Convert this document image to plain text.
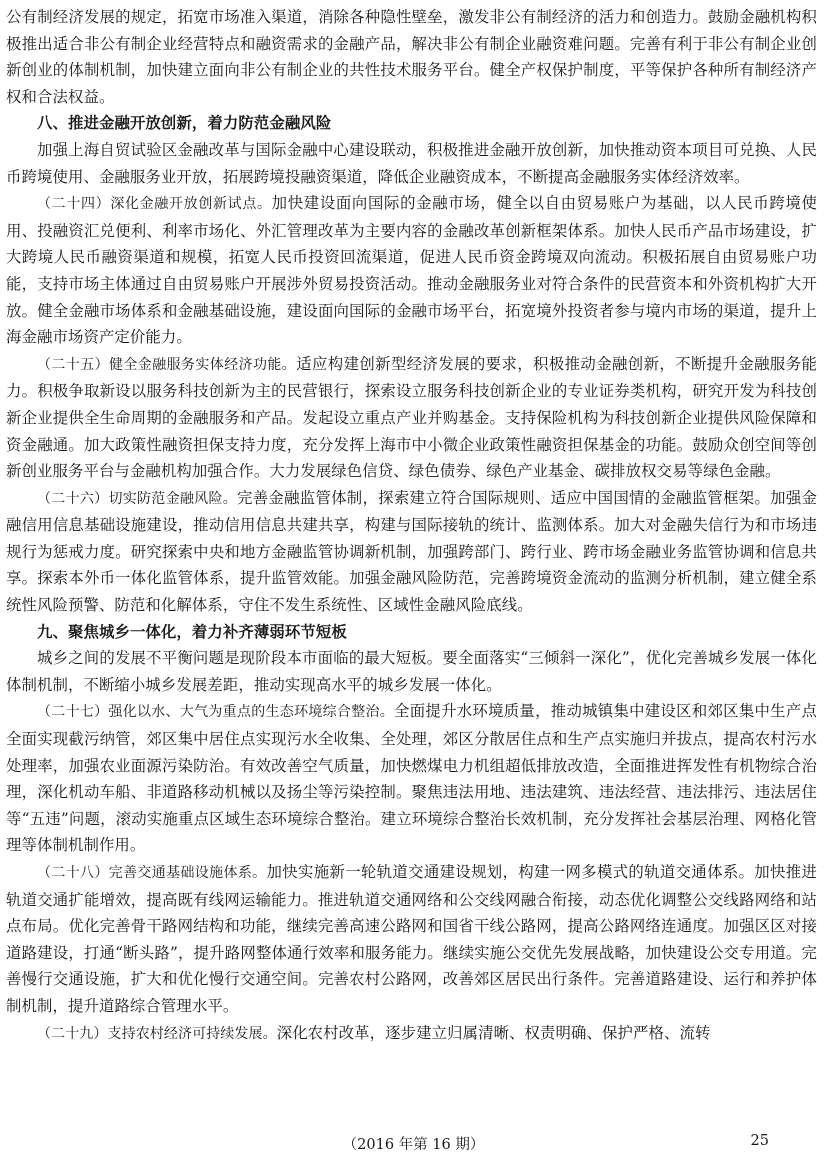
公有制经济发展的规定，拓宽市场准入渠道，消除各种隐性壁垒，激发非公有制经济的活力和创造力。鼓励金融机构积极推出适合非公有制企业经营特点和融资需求的金融产品，解决非公有制企业融资难问题。完善有利于非公有制企业创新创业的体制机制，加快建立面向非公有制企业的共性技术服务平台。健全产权保护制度，平等保护各种所有制经济产权和合法权益。

八、推进金融开放创新，着力防范金融风险

加强上海自贸试验区金融改革与国际金融中心建设联动，积极推进金融开放创新，加快推动资本项目可兑换、人民币跨境使用、金融服务业开放，拓展跨境投融资渠道，降低企业融资成本，不断提高金融服务实体经济效率。

（二十四）深化金融开放创新试点。加快建设面向国际的金融市场，健全以自由贸易账户为基础，以人民币跨境使用、投融资汇兑便利、利率市场化、外汇管理改革为主要内容的金融改革创新框架体系。加快人民币产品市场建设，扩大跨境人民币融资渠道和规模，拓宽人民币投资回流渠道，促进人民币资金跨境双向流动。积极拓展自由贸易账户功能，支持市场主体通过自由贸易账户开展涉外贸易投资活动。推动金融服务业对符合条件的民营资本和外资机构扩大开放。健全金融市场体系和金融基础设施，建设面向国际的金融市场平台，拓宽境外投资者参与境内市场的渠道，提升上海金融市场资产定价能力。

（二十五）健全金融服务实体经济功能。适应构建创新型经济发展的要求，积极推动金融创新，不断提升金融服务能力。积极争取新设以服务科技创新为主的民营银行，探索设立服务科技创新企业的专业证券类机构，研究开发为科技创新企业提供全生命周期的金融服务和产品。发起设立重点产业并购基金。支持保险机构为科技创新企业提供风险保障和资金融通。加大政策性融资担保支持力度，充分发挥上海市中小微企业政策性融资担保基金的功能。鼓励众创空间等创新创业服务平台与金融机构加强合作。大力发展绿色信贷、绿色债券、绿色产业基金、碳排放权交易等绿色金融。

（二十六）切实防范金融风险。完善金融监管体制，探索建立符合国际规则、适应中国国情的金融监管框架。加强金融信用信息基础设施建设，推动信用信息共建共享，构建与国际接轨的统计、监测体系。加大对金融失信行为和市场违规行为惩戒力度。研究探索中央和地方金融监管协调新机制，加强跨部门、跨行业、跨市场金融业务监管协调和信息共享。探索本外币一体化监管体系，提升监管效能。加强金融风险防范，完善跨境资金流动的监测分析机制，建立健全系统性风险预警、防范和化解体系，守住不发生系统性、区域性金融风险底线。

九、聚焦城乡一体化，着力补齐薄弱环节短板

城乡之间的发展不平衡问题是现阶段本市面临的最大短板。要全面落实“三倾斜一深化”，优化完善城乡发展一体化体制机制，不断缩小城乡发展差距，推动实现高水平的城乡发展一体化。

（二十七）强化以水、大气为重点的生态环境综合整治。全面提升水环境质量，推动城镇集中建设区和郊区集中生产点全面实现截污纳管，郊区集中居住点实现污水全收集、全处理，郊区分散居住点和生产点实施归并拔点，提高农村污水处理率，加强农业面源污染防治。有效改善空气质量，加快燃煤电力机组超低排放改造，全面推进挥发性有机物综合治理，深化机动车船、非道路移动机械以及扬尘等污染控制。聚焦违法用地、违法建筑、违法经营、违法排污、违法居住等“五违”问题，滚动实施重点区域生态环境综合整治。建立环境综合整治长效机制，充分发挥社会基层治理、网格化管理等体制机制作用。

（二十八）完善交通基础设施体系。加快实施新一轮轨道交通建设规划，构建一网多模式的轨道交通体系。加快推进轨道交通扩能增效，提高既有线网运输能力。推进轨道交通网络和公交线网融合衔接，动态优化调整公交线路网络和站点布局。优化完善骨干路网结构和功能，继续完善高速公路网和国省干线公路网，提高公路网络连通度。加强区区对接道路建设，打通“断头路”，提升路网整体通行效率和服务能力。继续实施公交优先发展战略，加快建设公交专用道。完善慢行交通设施，扩大和优化慢行交通空间。完善农村公路网，改善郊区居民出行条件。完善道路建设、运行和养护体制机制，提升道路综合管理水平。

（二十九）支持农村经济可持续发展。深化农村改革，逐步建立归属清晰、权责明确、保护严格、流转

（2016 年第 16 期）	25
